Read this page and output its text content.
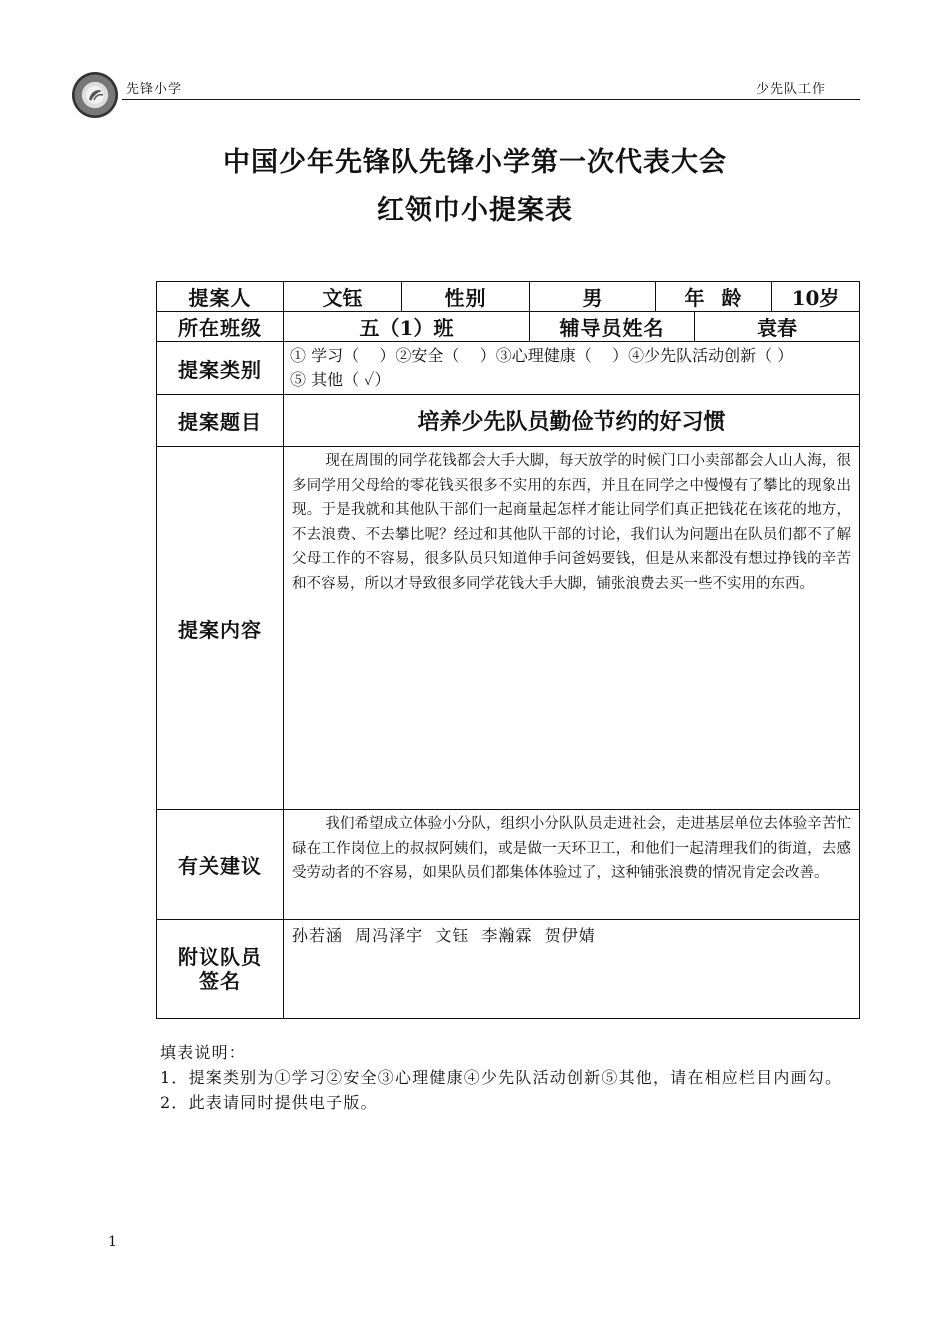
先锋小学	少先队工作
中国少年先锋队先锋小学第一次代表大会
红领巾小提案表
提案人	文钰	性别	男	年  龄		10岁
所在班级	五（1）班		辅导员姓名		袁春	
提案类别	① 学习（    ）②安全（    ）③心理健康（    ）④少先队活动创新（ ）
⑤ 其他（ ✓）					

提案题目	培养少先队员勤俭节约的好习惯					
提案内容	现在周围的同学花钱都会大手大脚，每天放学的时候门口小卖部都会人山人海，很多同学用父母给的零花钱买很多不实用的东西，并且在同学之中慢慢有了攀比的现象出现。于是我就和其他队干部们一起商量起怎样才能让同学们真正把钱花在该花的地方，不去浪费、不去攀比呢？经过和其他队干部的讨论，我们认为问题出在队员们都不了解父母工作的不容易，很多队员只知道伸手问爸妈要钱，但是从来都没有想过挣钱的辛苦和不容易，所以才导致很多同学花钱大手大脚，铺张浪费去买一些不实用的东西。					
有关建议	我们希望成立体验小分队，组织小分队队员走进社会，走进基层单位去体验辛苦忙碌在工作岗位上的叔叔阿姨们，或是做一天环卫工，和他们一起清理我们的街道，去感受劳动者的不容易，如果队员们都集体体验过了，这种铺张浪费的情况肯定会改善。					

附议队员
签名	孙若涵  周冯泽宇  文钰  李瀚霖  贺伊婧					
填表说明：
1．提案类别为①学习②安全③心理健康④少先队活动创新⑤其他，请在相应栏目内画勾。
2．此表请同时提供电子版。
1
